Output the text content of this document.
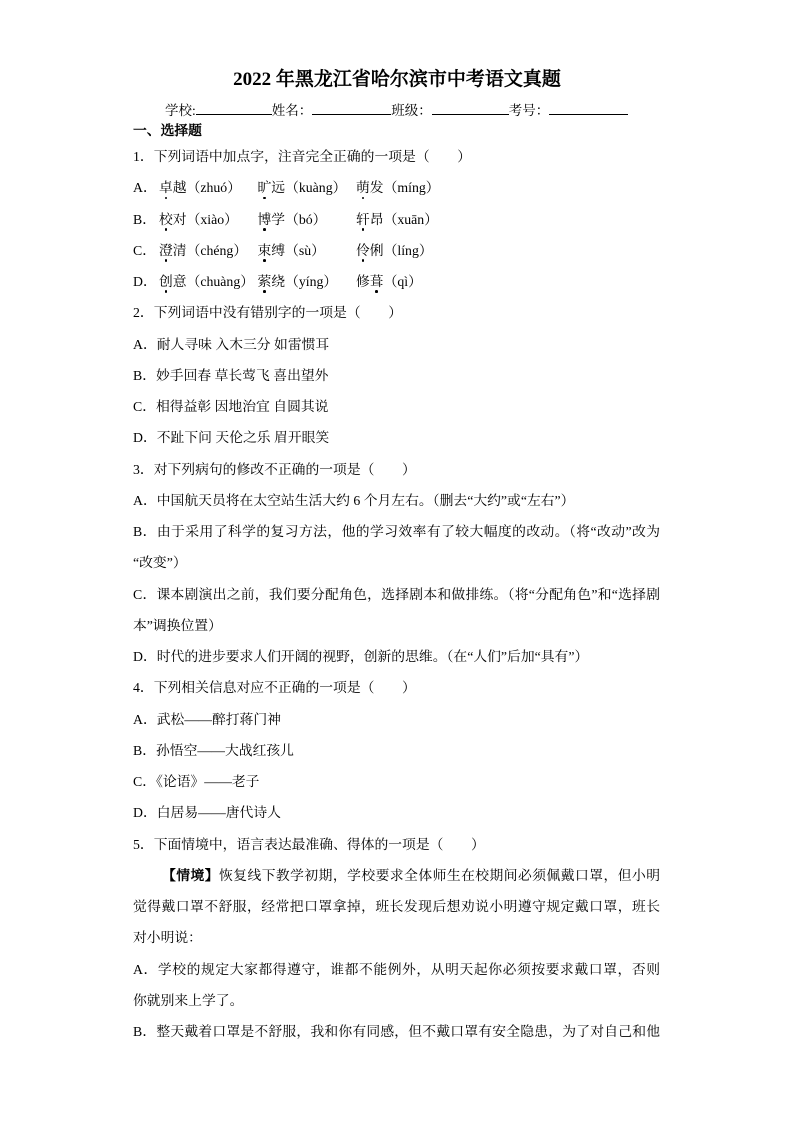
2022 年黑龙江省哈尔滨市中考语文真题
学校:	姓名：	班级：	考号：
一、选择题
1．下列词语中加点字，注音完全正确的一项是（　　）
A． 卓越（zhuó）	旷远（kuàng） 萌发（míng）
B． 校对（xiào）	博学（bó）	轩昂（xuān）
C． 澄清（chéng） 束缚（sù）	伶俐（líng）
D． 创意（chuàng） 萦绕（yíng）	修葺（qì）
2．下列词语中没有错别字的一项是（　　）
A．耐人寻味 入木三分 如雷惯耳
B．妙手回春 草长莺飞 喜出望外
C．相得益彰 因地治宜 自圆其说
D．不趾下问 天伦之乐 眉开眼笑
3．对下列病句的修改不正确的一项是（　　）
A．中国航天员将在太空站生活大约 6 个月左右。（删去“大约”或“左右”）
B．由于采用了科学的复习方法，他的学习效率有了较大幅度的改动。（将“改动”改为
“改变”）
C．课本剧演出之前，我们要分配角色，选择剧本和做排练。（将“分配角色”和“选择剧
本”调换位置）
D．时代的进步要求人们开阔的视野，创新的思维。（在“人们”后加“具有”）
4．下列相关信息对应不正确的一项是（　　）
A．武松——醉打蒋门神
B．孙悟空——大战红孩儿
C．《论语》——老子
D．白居易——唐代诗人
5．下面情境中，语言表达最准确、得体的一项是（　　）
【情境】恢复线下教学初期，学校要求全体师生在校期间必须佩戴口罩，但小明
觉得戴口罩不舒服，经常把口罩拿掉，班长发现后想劝说小明遵守规定戴口罩，班长
对小明说：
A．学校的规定大家都得遵守，谁都不能例外，从明天起你必须按要求戴口罩，否则
你就别来上学了。
B．整天戴着口罩是不舒服，我和你有同感，但不戴口罩有安全隐患，为了对自己和他
